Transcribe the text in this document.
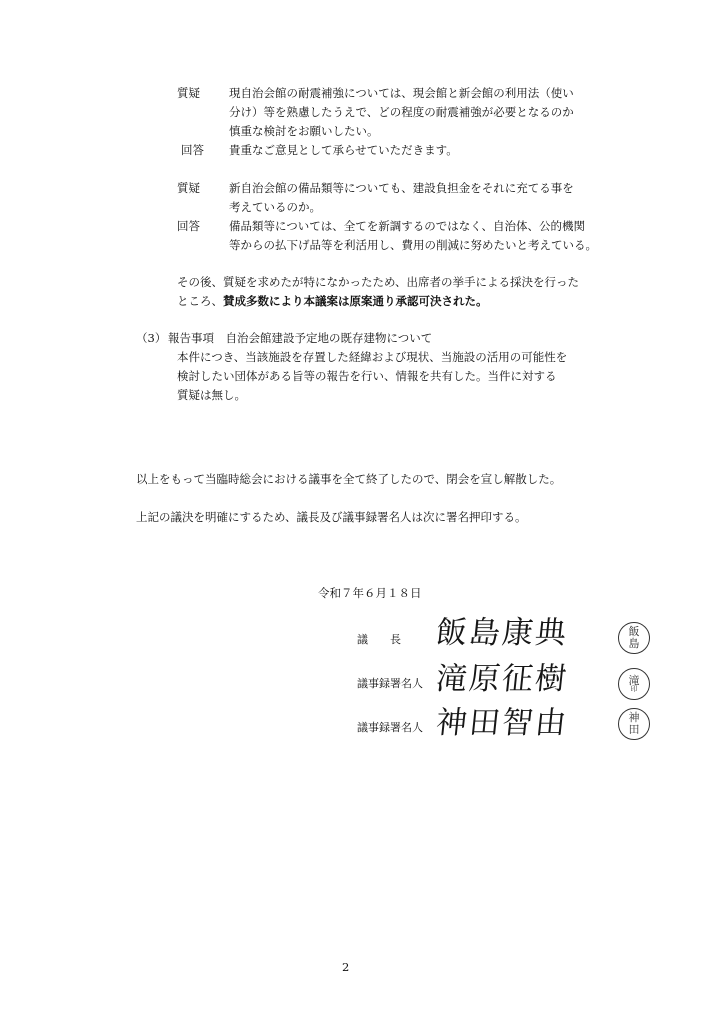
質疑	現自治会館の耐震補強については、現会館と新会館の利用法（使い
分け）等を熟慮したうえで、どの程度の耐震補強が必要となるのか
慎重な検討をお願いしたい。
回答 貴重なご意見として承らせていただきます。
質疑	新自治会館の備品類等についても、建設負担金をそれに充てる事を
考えているのか。
回答	備品類等については、全てを新調するのではなく、自治体、公的機関
等からの払下げ品等を利活用し、費用の削減に努めたいと考えている。
その後、質疑を求めたが特になかったため、出席者の挙手による採決を行った
ところ、賛成多数により本議案は原案通り承認可決された。
（3） 報告事項　自治会館建設予定地の既存建物について
本件につき、当該施設を存置した経緯および現状、当施設の活用の可能性を
検討したい団体がある旨等の報告を行い、情報を共有した。当件に対する
質疑は無し。
以上をもって当臨時総会における議事を全て終了したので、閉会を宣し解散した。
上記の議決を明確にするため、議長及び議事録署名人は次に署名押印する。
令和７年６月１８日
議　　長 飯島康典	飯
島
議事録署名人 滝原征樹	滝
印
議事録署名人 神田智由	神
田
2
